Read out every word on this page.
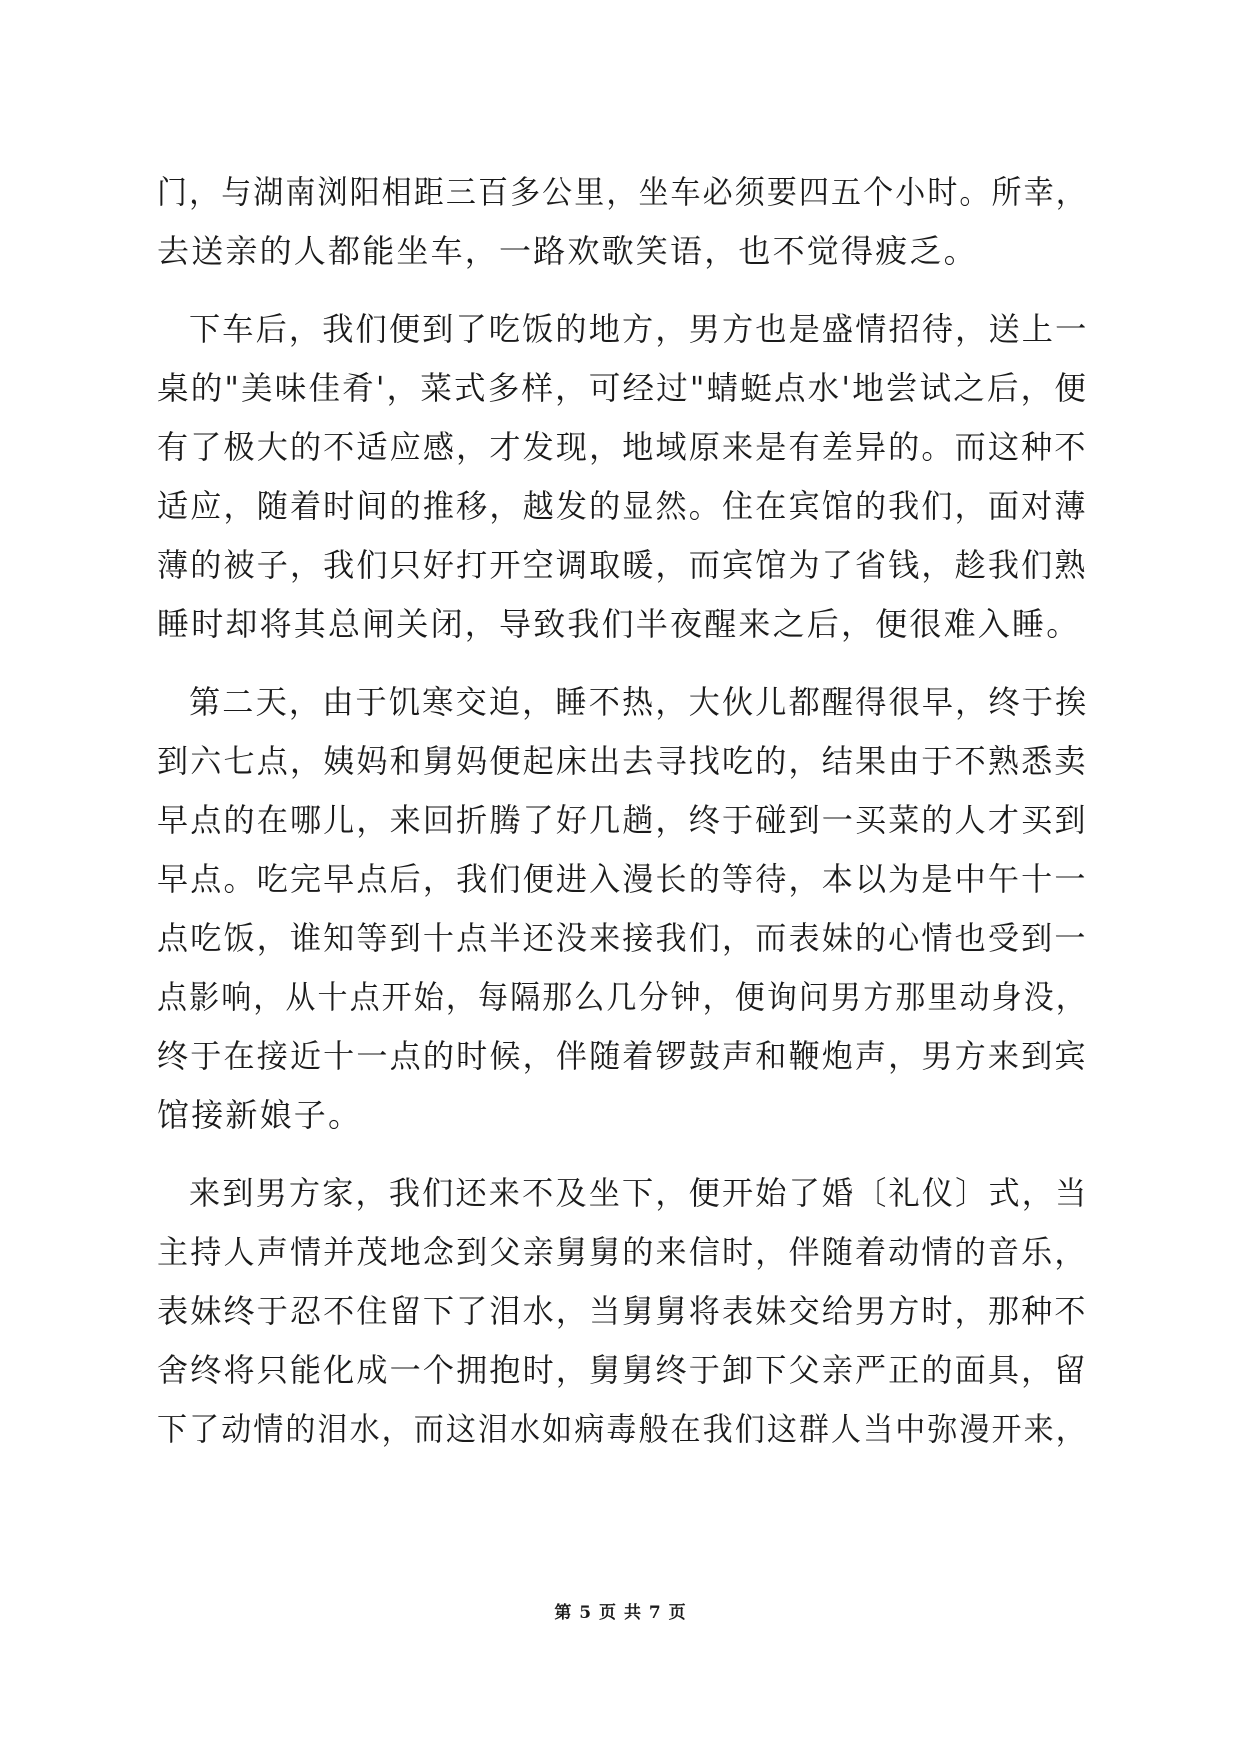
门，与湖南浏阳相距三百多公里，坐车必须要四五个小时。所幸，
去送亲的人都能坐车，一路欢歌笑语，也不觉得疲乏。
下车后，我们便到了吃饭的地方，男方也是盛情招待，送上一
桌的"美味佳肴'，菜式多样，可经过"蜻蜓点水'地尝试之后，便
有了极大的不适应感，才发现，地域原来是有差异的。而这种不
适应，随着时间的推移，越发的显然。住在宾馆的我们，面对薄
薄的被子，我们只好打开空调取暖，而宾馆为了省钱，趁我们熟
睡时却将其总闸关闭，导致我们半夜醒来之后，便很难入睡。
第二天，由于饥寒交迫，睡不热，大伙儿都醒得很早，终于挨
到六七点，姨妈和舅妈便起床出去寻找吃的，结果由于不熟悉卖
早点的在哪儿，来回折腾了好几趟，终于碰到一买菜的人才买到
早点。吃完早点后，我们便进入漫长的等待，本以为是中午十一
点吃饭，谁知等到十点半还没来接我们，而表妹的心情也受到一
点影响，从十点开始，每隔那么几分钟，便询问男方那里动身没，
终于在接近十一点的时候，伴随着锣鼓声和鞭炮声，男方来到宾
馆接新娘子。
来到男方家，我们还来不及坐下，便开始了婚〔礼仪〕式，当
主持人声情并茂地念到父亲舅舅的来信时，伴随着动情的音乐，
表妹终于忍不住留下了泪水，当舅舅将表妹交给男方时，那种不
舍终将只能化成一个拥抱时，舅舅终于卸下父亲严正的面具，留
下了动情的泪水，而这泪水如病毒般在我们这群人当中弥漫开来，
第 5 页 共 7 页
